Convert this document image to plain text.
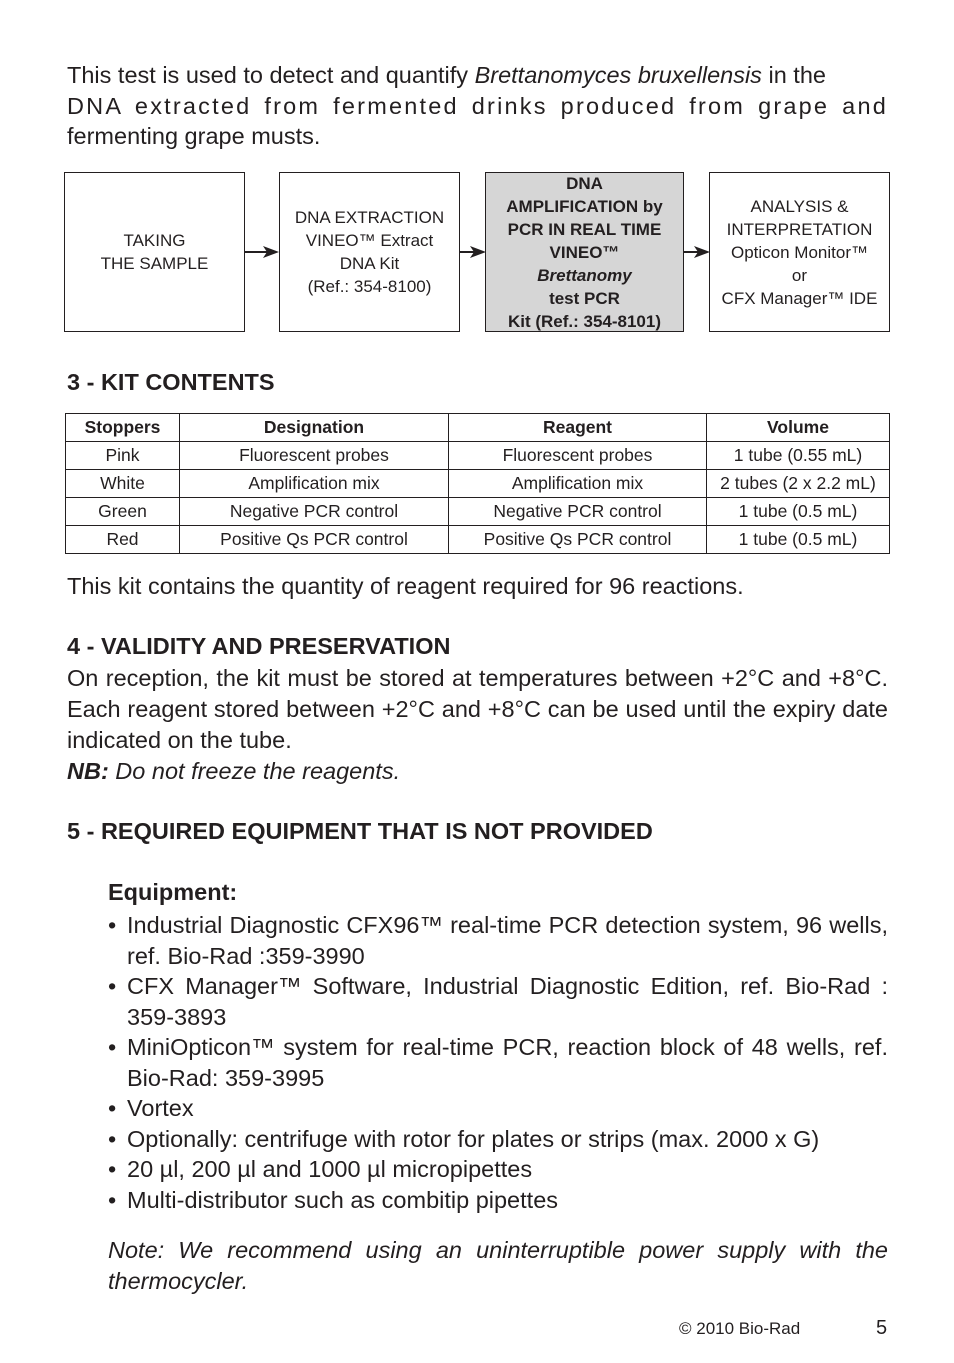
This test is used to detect and quantify Brettanomyces bruxellensis in the
DNA extracted from fermented drinks produced from grape and
fermenting grape musts.

TAKING
THE SAMPLE
DNA EXTRACTION
VINEO™ Extract
DNA Kit
(Ref.: 354-8100)
DNA
AMPLIFICATION by
PCR IN REAL TIME
VINEO™
Brettanomy
test PCR
Kit (Ref.: 354-8101)
ANALYSIS &
INTERPRETATION
Opticon Monitor™
or
CFX Manager™ IDE
3 - KIT CONTENTS
Stoppers	Designation	Reagent	Volume
Pink	Fluorescent probes	Fluorescent probes	1 tube (0.55 mL)
White	Amplification mix	Amplification mix	2 tubes (2 x 2.2 mL)
Green	Negative PCR control	Negative PCR control	1 tube (0.5 mL)
Red	Positive Qs PCR control	Positive Qs PCR control	1 tube (0.5 mL)

This kit contains the quantity of reagent required for 96 reactions.

4 - VALIDITY AND PRESERVATION

On reception, the kit must be stored at temperatures between +2°C and +8°C. Each reagent stored between +2°C and +8°C can be used until the expiry date indicated on the tube.
NB: Do not freeze the reagents.

5 - REQUIRED EQUIPMENT THAT IS NOT PROVIDED

Equipment:

• Industrial Diagnostic CFX96™ real-time PCR detection system, 96 wells, ref. Bio-Rad :359-3990
• CFX Manager™ Software, Industrial Diagnostic Edition, ref. Bio-Rad : 359-3893
• MiniOpticon™ system for real-time PCR, reaction block of 48 wells, ref. Bio-Rad: 359-3995
• Vortex
• Optionally: centrifuge with rotor for plates or strips (max. 2000 x G)
• 20 µl, 200 µl and 1000 µl micropipettes
• Multi-distributor such as combitip pipettes

Note: We recommend using an uninterruptible power supply with the thermocycler.

© 2010 Bio-Rad	5
